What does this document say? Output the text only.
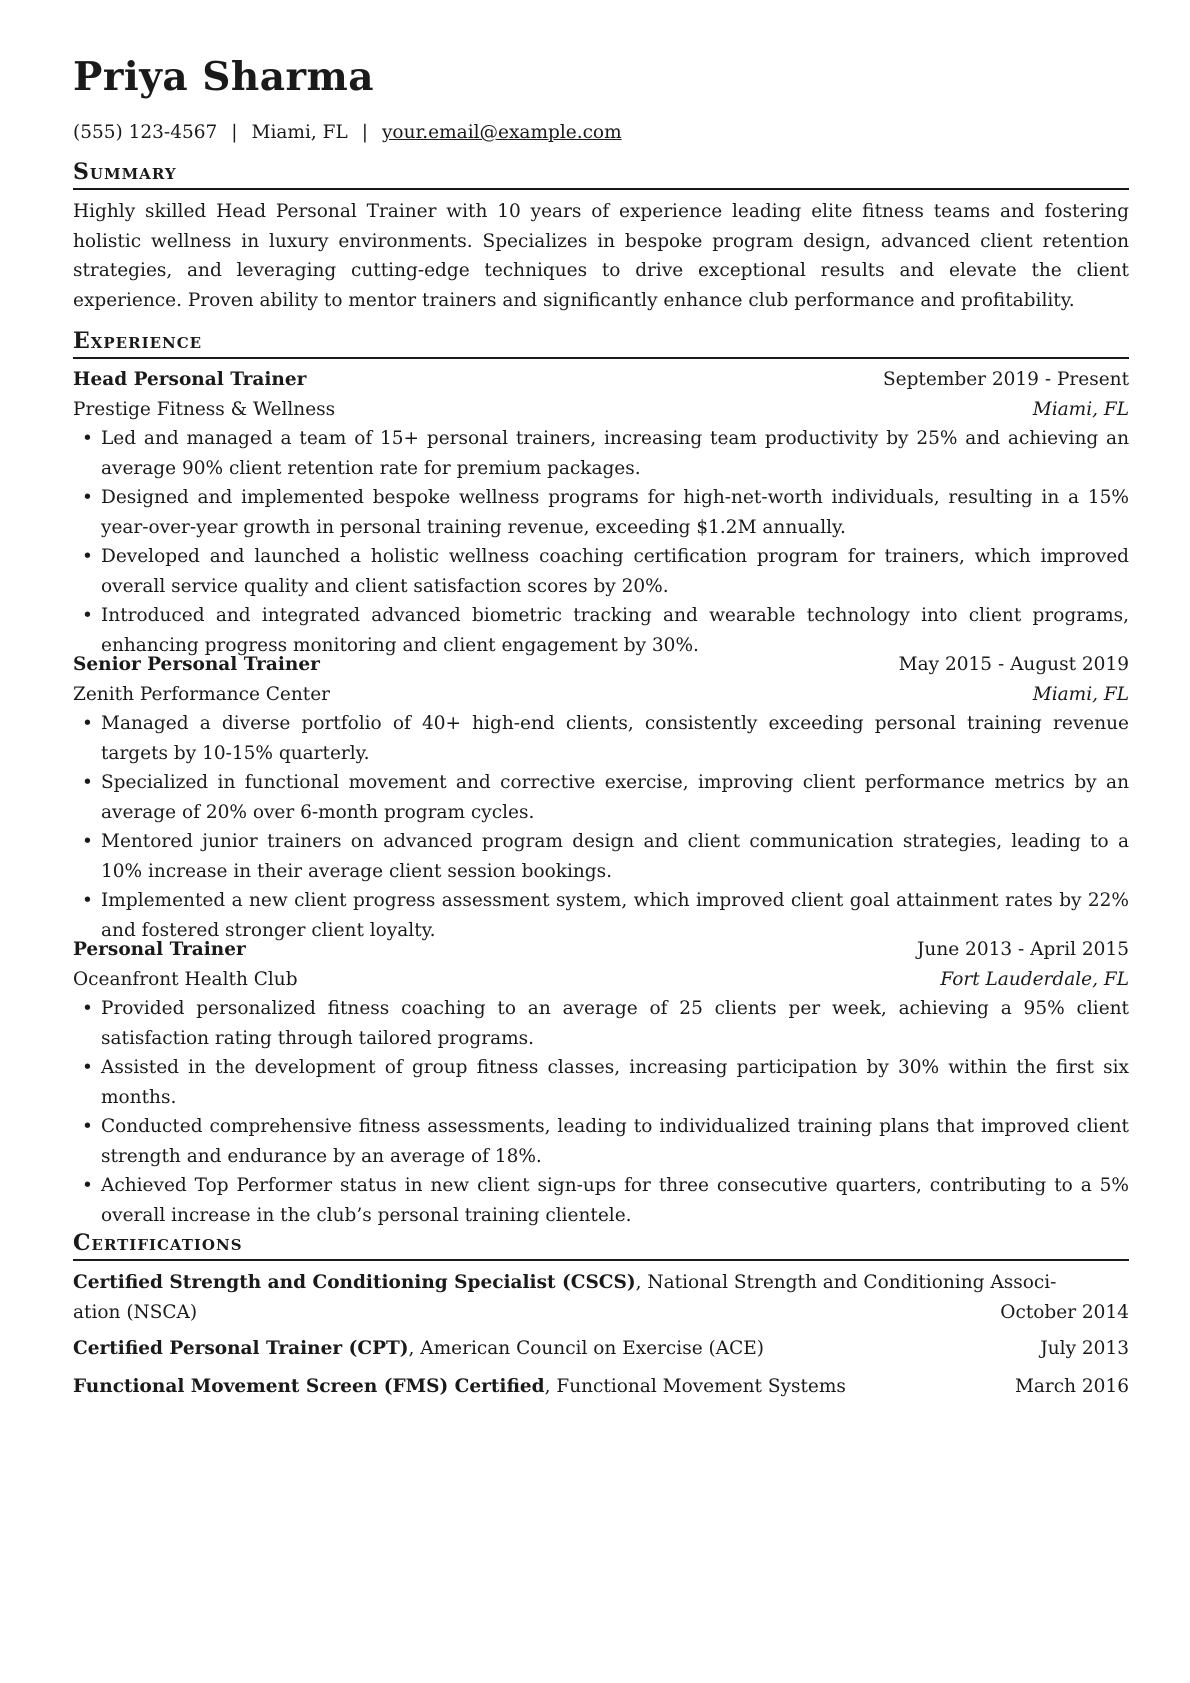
Priya Sharma
(555) 123-4567 | Miami, FL | your.email@example.com
Summary
Highly skilled Head Personal Trainer with 10 years of experience leading elite fitness teams and fostering holistic wellness in luxury environments. Specializes in bespoke program design, advanced client retention strategies, and leveraging cutting-edge techniques to drive exceptional results and elevate the client experience. Proven ability to mentor trainers and significantly enhance club performance and profitability.
Experience
Head Personal Trainer	September 2019 - Present
Prestige Fitness & Wellness	Miami, FL
• Led and managed a team of 15+ personal trainers, increasing team productivity by 25% and achieving an average 90% client retention rate for premium packages.
• Designed and implemented bespoke wellness programs for high-net-worth individuals, resulting in a 15% year-over-year growth in personal training revenue, exceeding $1.2M annually.
• Developed and launched a holistic wellness coaching certification program for trainers, which improved overall service quality and client satisfaction scores by 20%.
• Introduced and integrated advanced biometric tracking and wearable technology into client programs, enhancing progress monitoring and client engagement by 30%.
Senior Personal Trainer	May 2015 - August 2019
Zenith Performance Center	Miami, FL
• Managed a diverse portfolio of 40+ high-end clients, consistently exceeding personal training revenue targets by 10-15% quarterly.
• Specialized in functional movement and corrective exercise, improving client performance metrics by an average of 20% over 6-month program cycles.
• Mentored junior trainers on advanced program design and client communication strategies, leading to a 10% increase in their average client session bookings.
• Implemented a new client progress assessment system, which improved client goal attainment rates by 22% and fostered stronger client loyalty.
Personal Trainer	June 2013 - April 2015
Oceanfront Health Club	Fort Lauderdale, FL
• Provided personalized fitness coaching to an average of 25 clients per week, achieving a 95% client satisfaction rating through tailored programs.
• Assisted in the development of group fitness classes, increasing participation by 30% within the first six months.
• Conducted comprehensive fitness assessments, leading to individualized training plans that improved client strength and endurance by an average of 18%.
• Achieved Top Performer status in new client sign-ups for three consecutive quarters, contributing to a 5% overall increase in the club’s personal training clientele.
Certifications
Certified Strength and Conditioning Specialist (CSCS), National Strength and Conditioning Associ-
ation (NSCA)	October 2014
Certified Personal Trainer (CPT), American Council on Exercise (ACE)	July 2013
Functional Movement Screen (FMS) Certified, Functional Movement Systems	March 2016
